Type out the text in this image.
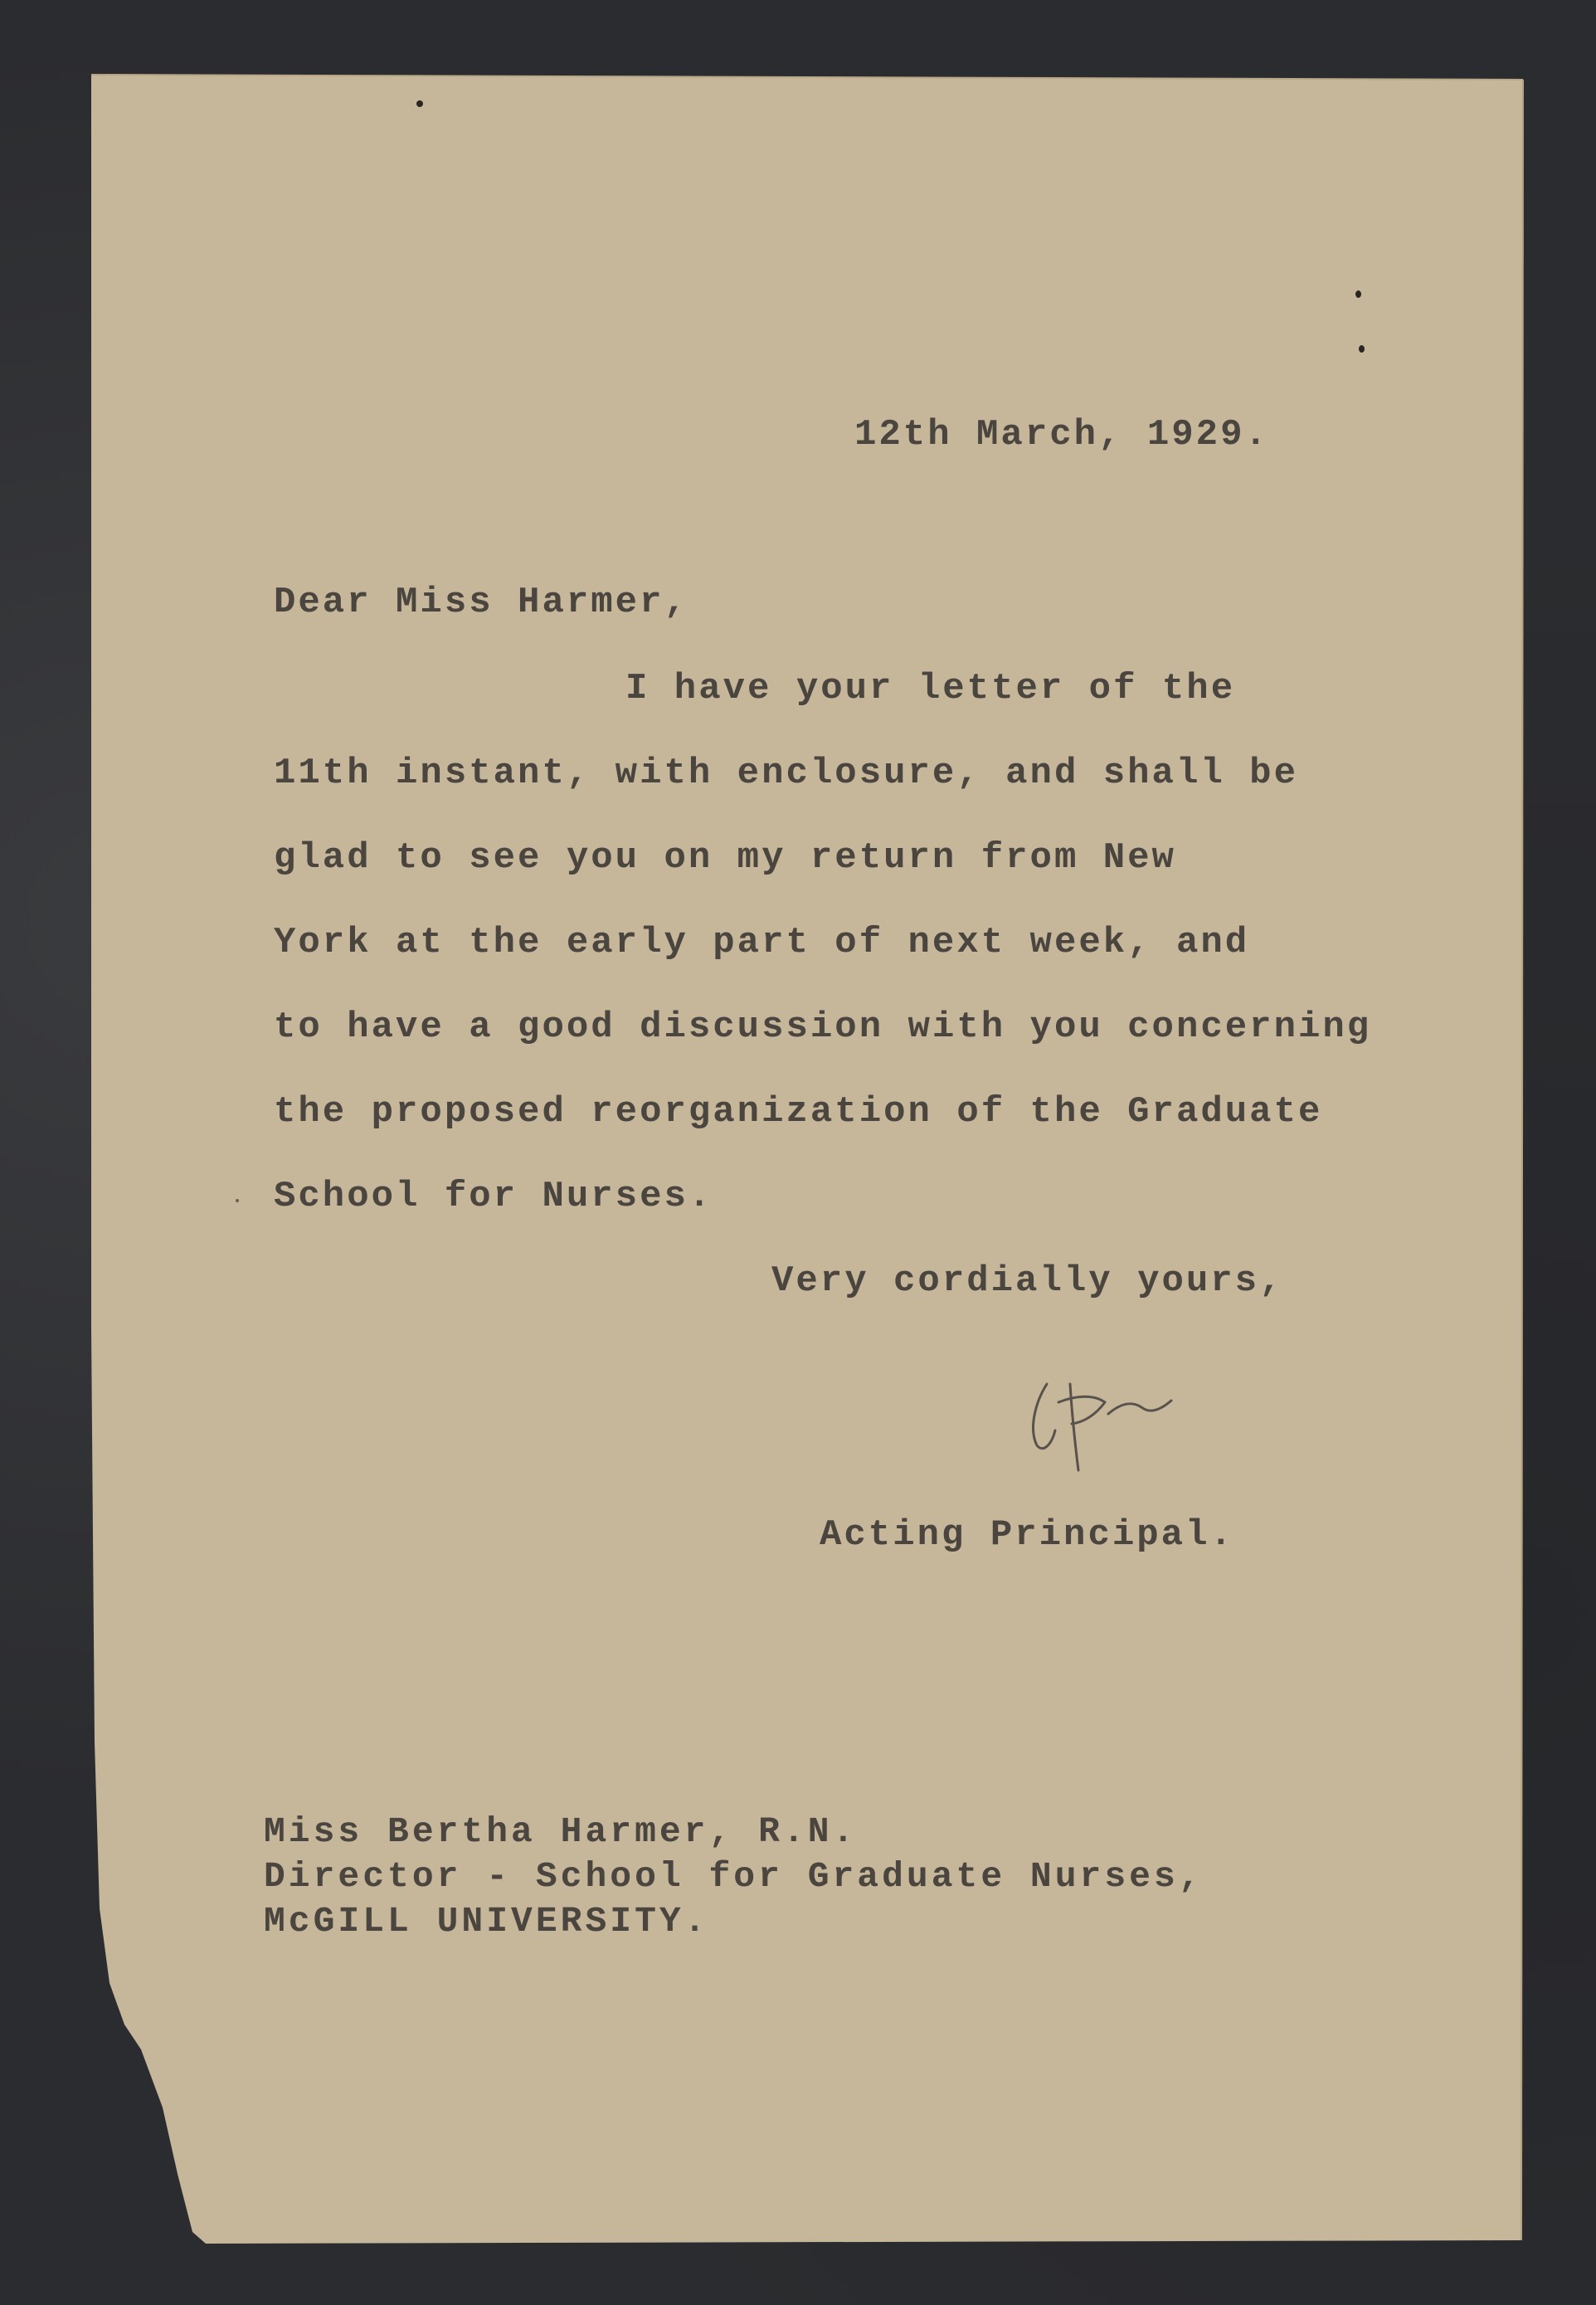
12th March, 1929.
Dear Miss Harmer,
I have your letter of the
11th instant, with enclosure, and shall be
glad to see you on my return from New
York at the early part of next week, and
to have a good discussion with you concerning
the proposed reorganization of the Graduate
School for Nurses.
Very cordially yours,
Acting Principal.
Miss Bertha Harmer, R.N.
Director - School for Graduate Nurses,
McGILL UNIVERSITY.
